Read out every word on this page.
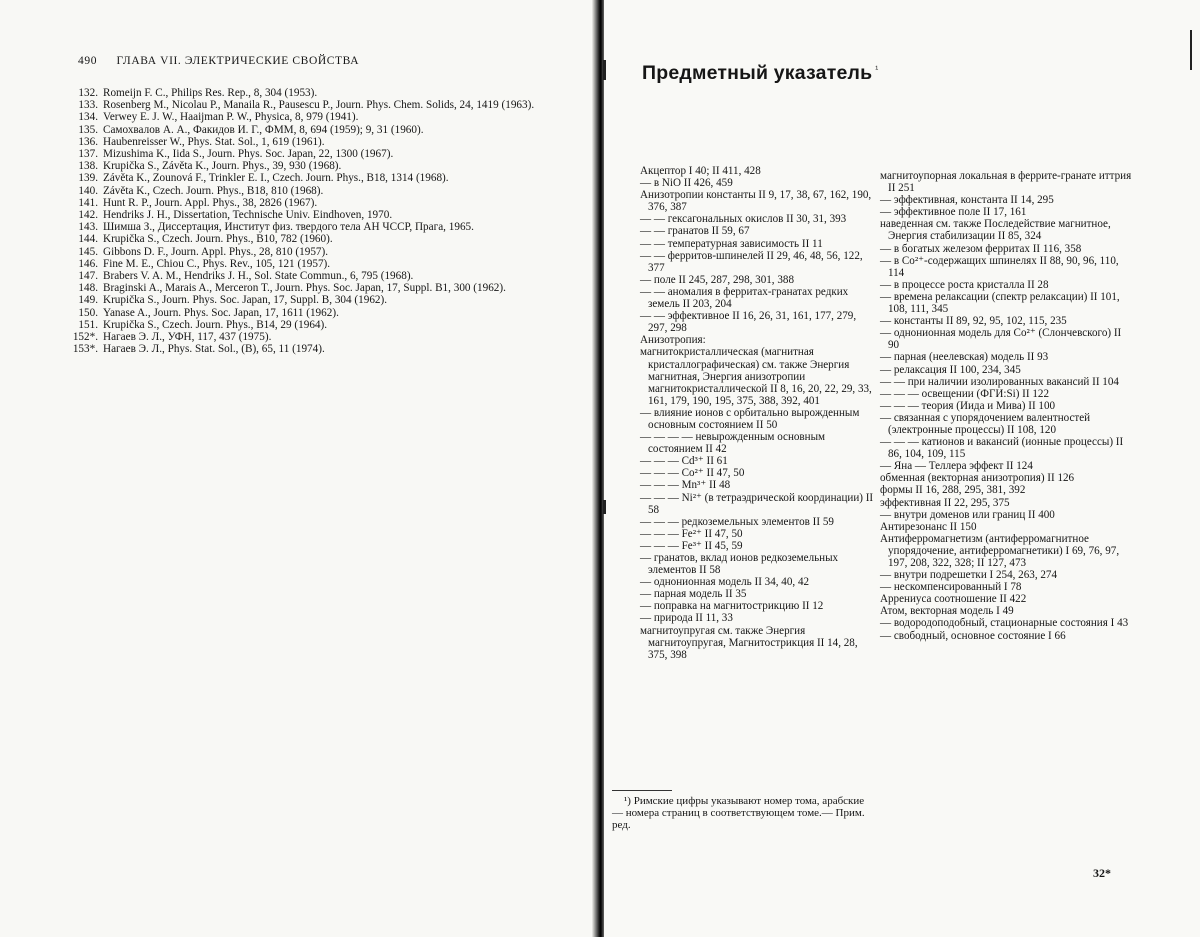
490 ГЛАВА VII. ЭЛЕКТРИЧЕСКИЕ СВОЙСТВА
132. Romeijn F. C., Philips Res. Rep., 8, 304 (1953).
133. Rosenberg M., Nicolau P., Manaila R., Pausescu P., Journ. Phys. Chem. Solids, 24, 1419 (1963).
134. Verwey E. J. W., Haaijman P. W., Physica, 8, 979 (1941).
135. Самохвалов А. А., Факидов И. Г., ФММ, 8, 694 (1959); 9, 31 (1960).
136. Haubenreisser W., Phys. Stat. Sol., 1, 619 (1961).
137. Mizushima K., Iida S., Journ. Phys. Soc. Japan, 22, 1300 (1967).
138. Krupička S., Závěta K., Journ. Phys., 39, 930 (1968).
139. Závěta K., Zounová F., Trinkler E. I., Czech. Journ. Phys., B18, 1314 (1968).
140. Závěta K., Czech. Journ. Phys., B18, 810 (1968).
141. Hunt R. P., Journ. Appl. Phys., 38, 2826 (1967).
142. Hendriks J. H., Dissertation, Technische Univ. Eindhoven, 1970.
143. Шимша З., Диссертация, Институт физ. твердого тела АН ЧССР, Прага, 1965.
144. Krupička S., Czech. Journ. Phys., B10, 782 (1960).
145. Gibbons D. F., Journ. Appl. Phys., 28, 810 (1957).
146. Fine M. E., Chiou C., Phys. Rev., 105, 121 (1957).
147. Brabers V. A. M., Hendriks J. H., Sol. State Commun., 6, 795 (1968).
148. Braginski A., Marais A., Merceron T., Journ. Phys. Soc. Japan, 17, Suppl. B1, 300 (1962).
149. Krupička S., Journ. Phys. Soc. Japan, 17, Suppl. B, 304 (1962).
150. Yanase A., Journ. Phys. Soc. Japan, 17, 1611 (1962).
151. Krupička S., Czech. Journ. Phys., B14, 29 (1964).
152*. Нагаев Э. Л., УФН, 117, 437 (1975).
153*. Нагаев Э. Л., Phys. Stat. Sol., (B), 65, 11 (1974).
Предметный указатель $^{^1}$
Акцептор I 40; II 411, 428
— в NiO II 426, 459
Анизотропии константы II 9, 17, 38, 67, 162, 190, 376, 387
— — гексагональных окислов II 30, 31, 393
— — гранатов II 59, 67
— — температурная зависимость II 11
— — ферритов-шпинелей II 29, 46, 48, 56, 122, 377
— поле II 245, 287, 298, 301, 388
— — аномалия в ферритах-гранатах редких земель II 203, 204
— — эффективное II 16, 26, 31, 161, 177, 279, 297, 298
Анизотропия:
магнитокристаллическая (магнитная кристаллографическая) см. также Энергия магнитная, Энергия анизотропии магнитокристаллической II 8, 16, 20, 22, 29, 33, 161, 179, 190, 195, 375, 388, 392, 401
— влияние ионов с орбитально вырожденным основным состоянием II 50
— — — — невырожденным основным состоянием II 42
— — — Cd³⁺ II 61
— — — Co²⁺ II 47, 50
— — — Mn³⁺ II 48
— — — Ni²⁺ (в тетраэдрической координации) II 58
— — — редкоземельных элементов II 59
— — — Fe²⁺ II 47, 50
— — — Fe³⁺ II 45, 59
— гранатов, вклад ионов редкоземельных элементов II 58
— однонионная модель II 34, 40, 42
— парная модель II 35
— поправка на магнитострикцию II 12
— природа II 11, 33
магнитоупругая см. также Энергия магнитоупругая, Магнитострикция II 14, 28, 375, 398
магнитоупорная локальная в феррите-гранате иттрия II 251
— эффективная, константа II 14, 295
— эффективное поле II 17, 161
наведенная см. также Последействие магнитное, Энергия стабилизации II 85, 324
— в богатых железом ферритах II 116, 358
— в Co²⁺-содержащих шпинелях II 88, 90, 96, 110, 114
— в процессе роста кристалла II 28
— времена релаксации (спектр релаксации) II 101, 108, 111, 345
— константы II 89, 92, 95, 102, 115, 235
— однонионная модель для Co²⁺ (Слончевского) II 90
— парная (неелевская) модель II 93
— релаксация II 100, 234, 345
— — при наличии изолированных вакансий II 104
— — — освещении (ФГИ:Si) II 122
— — — теория (Иида и Мива) II 100
— связанная с упорядочением валентностей (электронные процессы) II 108, 120
— — — катионов и вакансий (ионные процессы) II 86, 104, 109, 115
— Яна — Теллера эффект II 124
обменная (векторная анизотропия) II 126
формы II 16, 288, 295, 381, 392
эффективная II 22, 295, 375
— внутри доменов или границ II 400
Антирезонанс II 150
Антиферромагнетизм (антиферромагнитное упорядочение, антиферромагнетики) I 69, 76, 97, 197, 208, 322, 328; II 127, 473
— внутри подрешетки I 254, 263, 274
— нескомпенсированный I 78
Аррениуса соотношение II 422
Атом, векторная модель I 49
— водородоподобный, стационарные состояния I 43
— свободный, основное состояние I 66
¹) Римские цифры указывают номер тома, арабские — номера страниц в соответствующем томе.— Прим. ред.
32*
